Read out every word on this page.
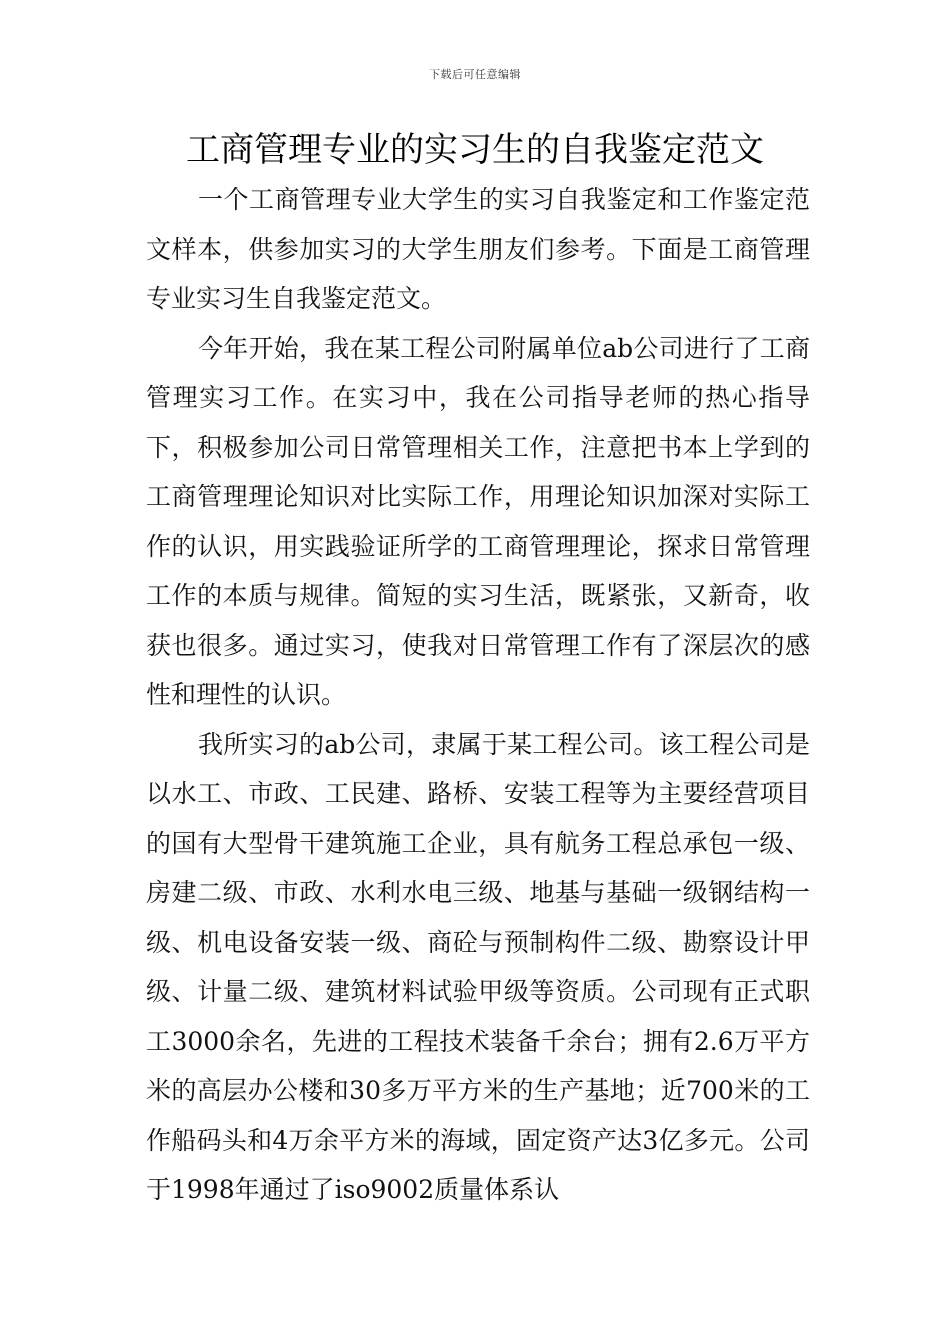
下载后可任意编辑
工商管理专业的实习生的自我鉴定范文

一个工商管理专业大学生的实习自我鉴定和工作鉴定范文样本，供参加实习的大学生朋友们参考。下面是工商管理专业实习生自我鉴定范文。

今年开始，我在某工程公司附属单位ab公司进行了工商管理实习工作。在实习中，我在公司指导老师的热心指导下，积极参加公司日常管理相关工作，注意把书本上学到的工商管理理论知识对比实际工作，用理论知识加深对实际工作的认识，用实践验证所学的工商管理理论，探求日常管理工作的本质与规律。简短的实习生活，既紧张，又新奇，收获也很多。通过实习，使我对日常管理工作有了深层次的感性和理性的认识。

我所实习的ab公司，隶属于某工程公司。该工程公司是以水工、市政、工民建、路桥、安装工程等为主要经营项目的国有大型骨干建筑施工企业，具有航务工程总承包一级、房建二级、市政、水利水电三级、地基与基础一级钢结构一级、机电设备安装一级、商砼与预制构件二级、勘察设计甲级、计量二级、建筑材料试验甲级等资质。公司现有正式职工3000余名，先进的工程技术装备千余台；拥有2.6万平方米的高层办公楼和30多万平方米的生产基地；近700米的工作船码头和4万余平方米的海域，固定资产达3亿多元。公司于1998年通过了iso9002质量体系认
